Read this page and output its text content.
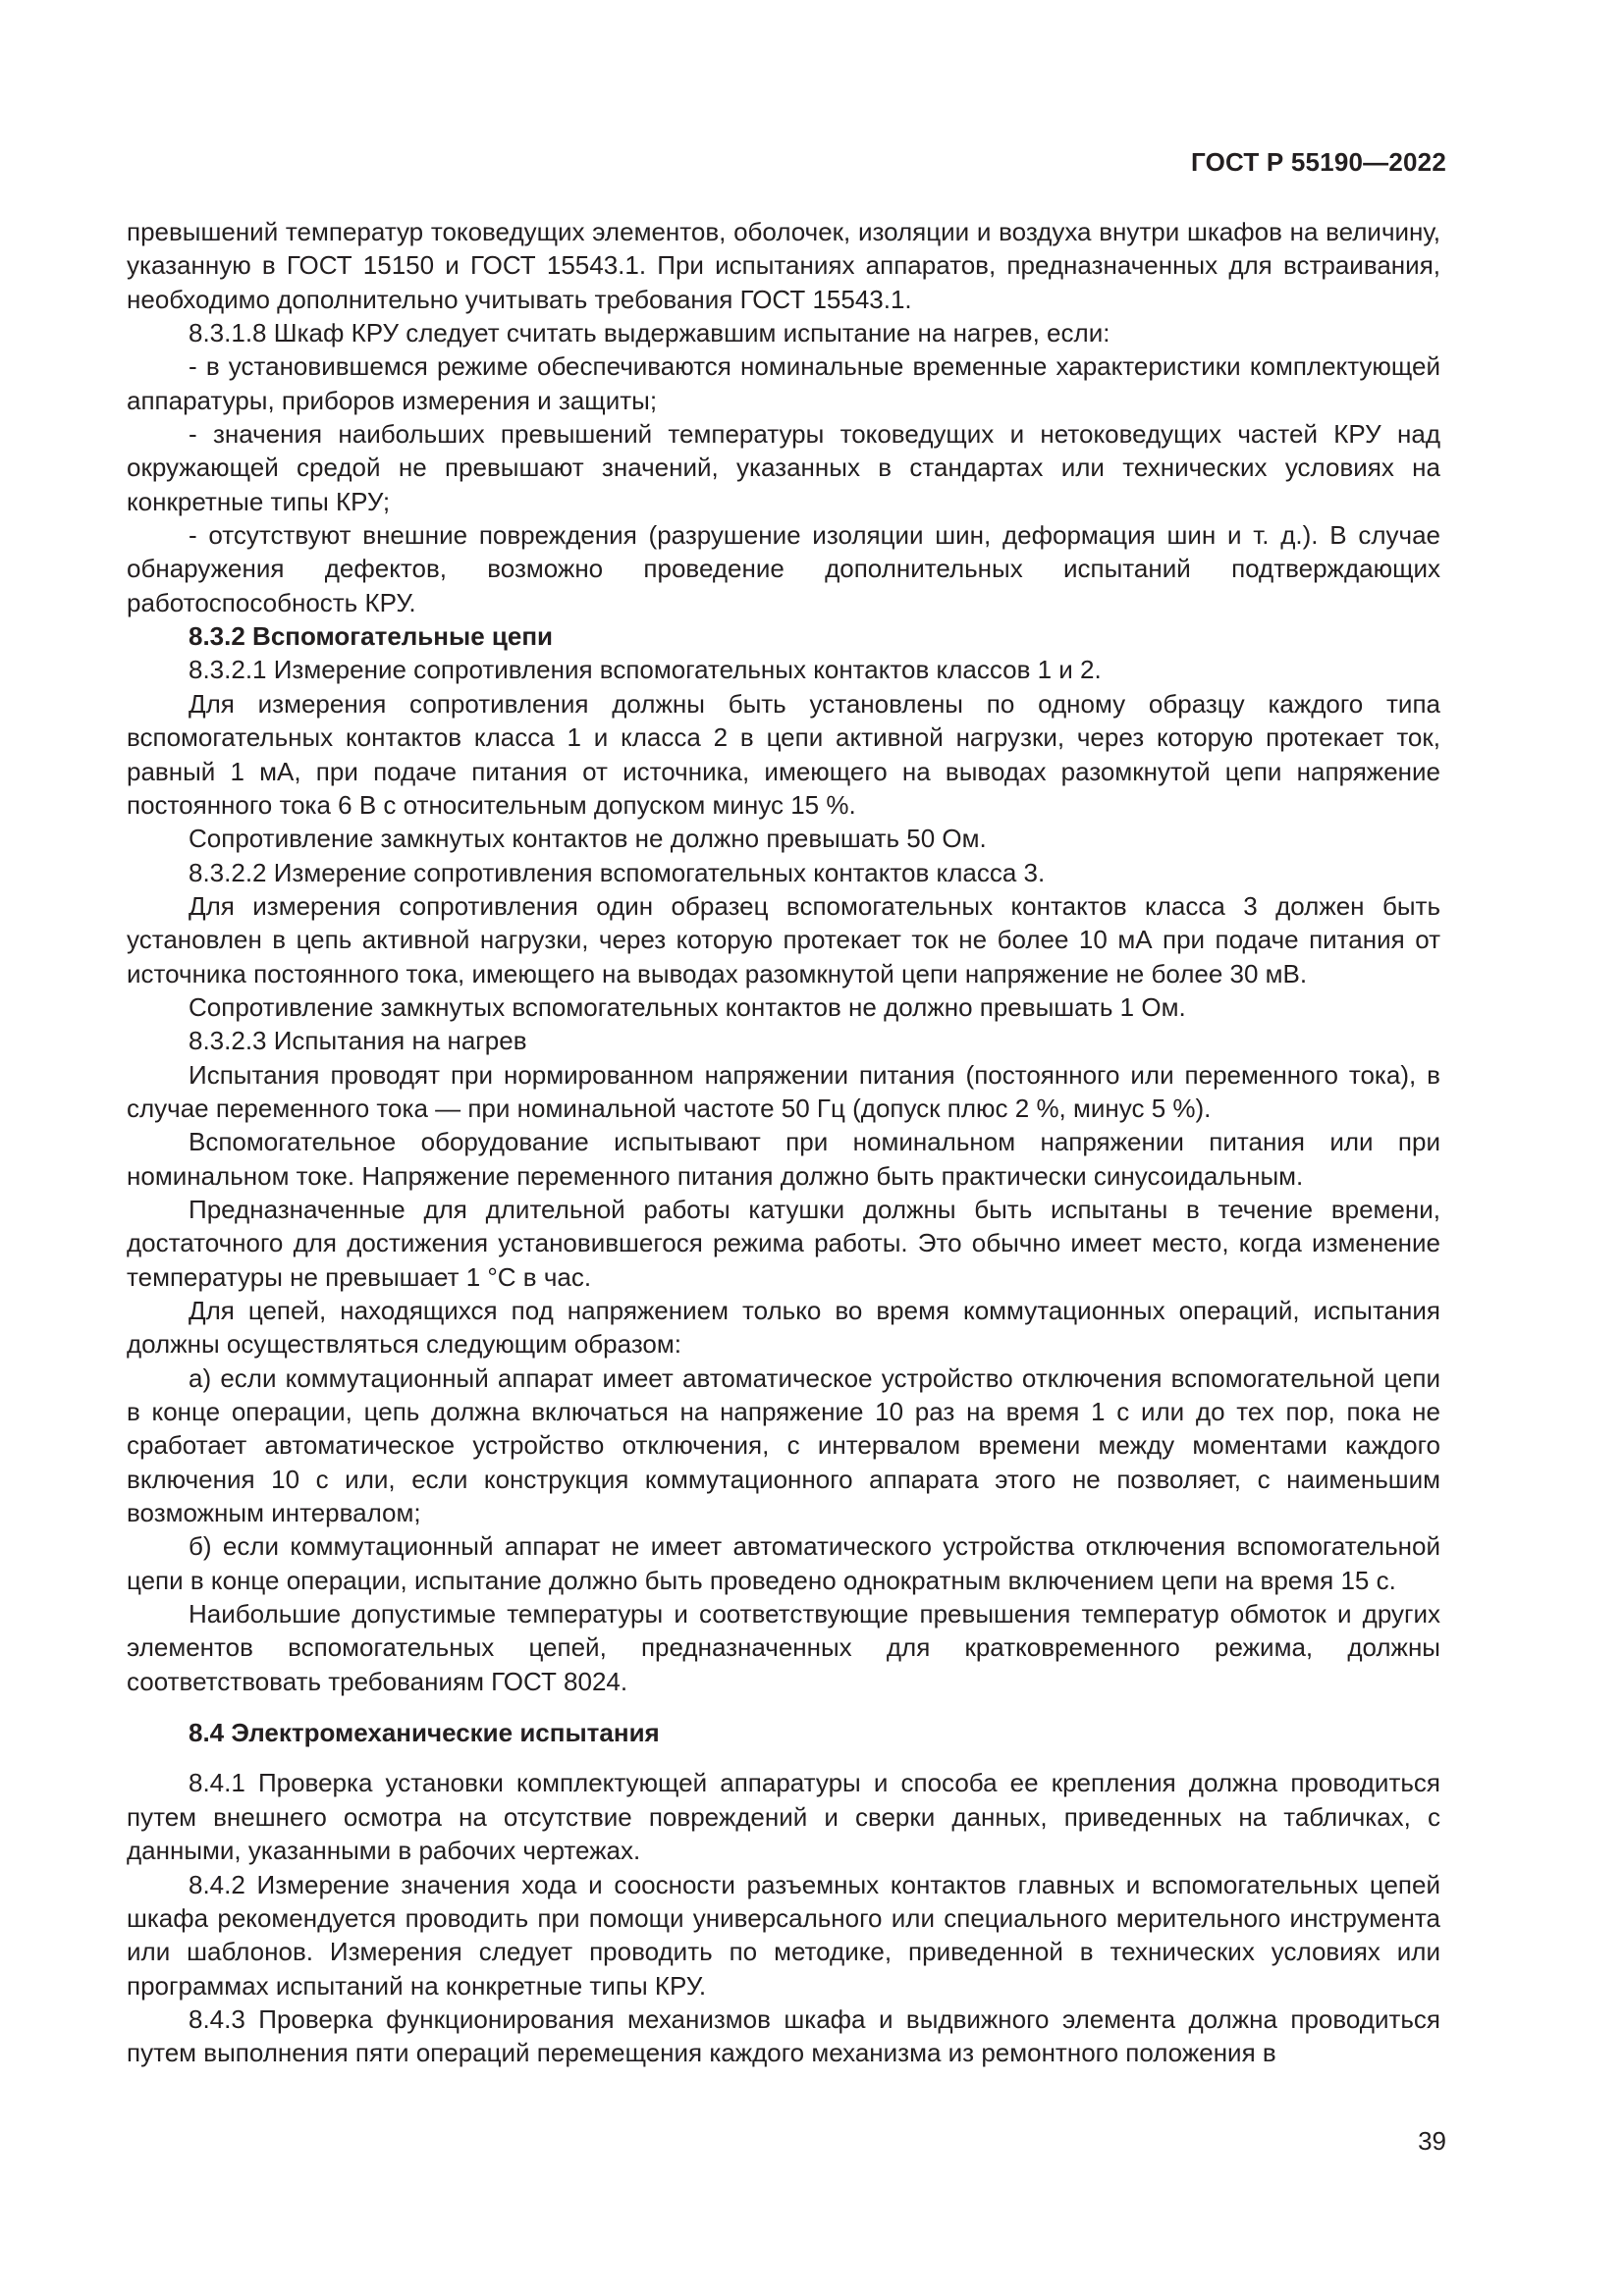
ГОСТ Р 55190—2022

превышений температур токоведущих элементов, оболочек, изоляции и воздуха внутри шкафов на величину, указанную в ГОСТ 15150 и ГОСТ 15543.1. При испытаниях аппаратов, предназначенных для встраивания, необходимо дополнительно учитывать требования ГОСТ 15543.1.

8.3.1.8 Шкаф КРУ следует считать выдержавшим испытание на нагрев, если:

- в установившемся режиме обеспечиваются номинальные временные характеристики комплектующей аппаратуры, приборов измерения и защиты;

- значения наибольших превышений температуры токоведущих и нетоковедущих частей КРУ над окружающей средой не превышают значений, указанных в стандартах или технических условиях на конкретные типы КРУ;

- отсутствуют внешние повреждения (разрушение изоляции шин, деформация шин и т. д.). В случае обнаружения дефектов, возможно проведение дополнительных испытаний подтверждающих работоспособность КРУ.

8.3.2 Вспомогательные цепи

8.3.2.1 Измерение сопротивления вспомогательных контактов классов 1 и 2.

Для измерения сопротивления должны быть установлены по одному образцу каждого типа вспомогательных контактов класса 1 и класса 2 в цепи активной нагрузки, через которую протекает ток, равный 1 мА, при подаче питания от источника, имеющего на выводах разомкнутой цепи напряжение постоянного тока 6 В с относительным допуском минус 15 %.

Сопротивление замкнутых контактов не должно превышать 50 Ом.

8.3.2.2 Измерение сопротивления вспомогательных контактов класса 3.

Для измерения сопротивления один образец вспомогательных контактов класса 3 должен быть установлен в цепь активной нагрузки, через которую протекает ток не более 10 мА при подаче питания от источника постоянного тока, имеющего на выводах разомкнутой цепи напряжение не более 30 мВ.

Сопротивление замкнутых вспомогательных контактов не должно превышать 1 Ом.

8.3.2.3 Испытания на нагрев

Испытания проводят при нормированном напряжении питания (постоянного или переменного тока), в случае переменного тока — при номинальной частоте 50 Гц (допуск плюс 2 %, минус 5 %).

Вспомогательное оборудование испытывают при номинальном напряжении питания или при номинальном токе. Напряжение переменного питания должно быть практически синусоидальным.

Предназначенные для длительной работы катушки должны быть испытаны в течение времени, достаточного для достижения установившегося режима работы. Это обычно имеет место, когда изменение температуры не превышает 1 °С в час.

Для цепей, находящихся под напряжением только во время коммутационных операций, испытания должны осуществляться следующим образом:

а) если коммутационный аппарат имеет автоматическое устройство отключения вспомогательной цепи в конце операции, цепь должна включаться на напряжение 10 раз на время 1 с или до тех пор, пока не сработает автоматическое устройство отключения, с интервалом времени между моментами каждого включения 10 с или, если конструкция коммутационного аппарата этого не позволяет, с наименьшим возможным интервалом;

б) если коммутационный аппарат не имеет автоматического устройства отключения вспомогательной цепи в конце операции, испытание должно быть проведено однократным включением цепи на время 15 с.

Наибольшие допустимые температуры и соответствующие превышения температур обмоток и других элементов вспомогательных цепей, предназначенных для кратковременного режима, должны соответствовать требованиям ГОСТ 8024.

8.4 Электромеханические испытания

8.4.1 Проверка установки комплектующей аппаратуры и способа ее крепления должна проводиться путем внешнего осмотра на отсутствие повреждений и сверки данных, приведенных на табличках, с данными, указанными в рабочих чертежах.

8.4.2 Измерение значения хода и соосности разъемных контактов главных и вспомогательных цепей шкафа рекомендуется проводить при помощи универсального или специального мерительного инструмента или шаблонов. Измерения следует проводить по методике, приведенной в технических условиях или программах испытаний на конкретные типы КРУ.

8.4.3 Проверка функционирования механизмов шкафа и выдвижного элемента должна проводиться путем выполнения пяти операций перемещения каждого механизма из ремонтного положения в

39
